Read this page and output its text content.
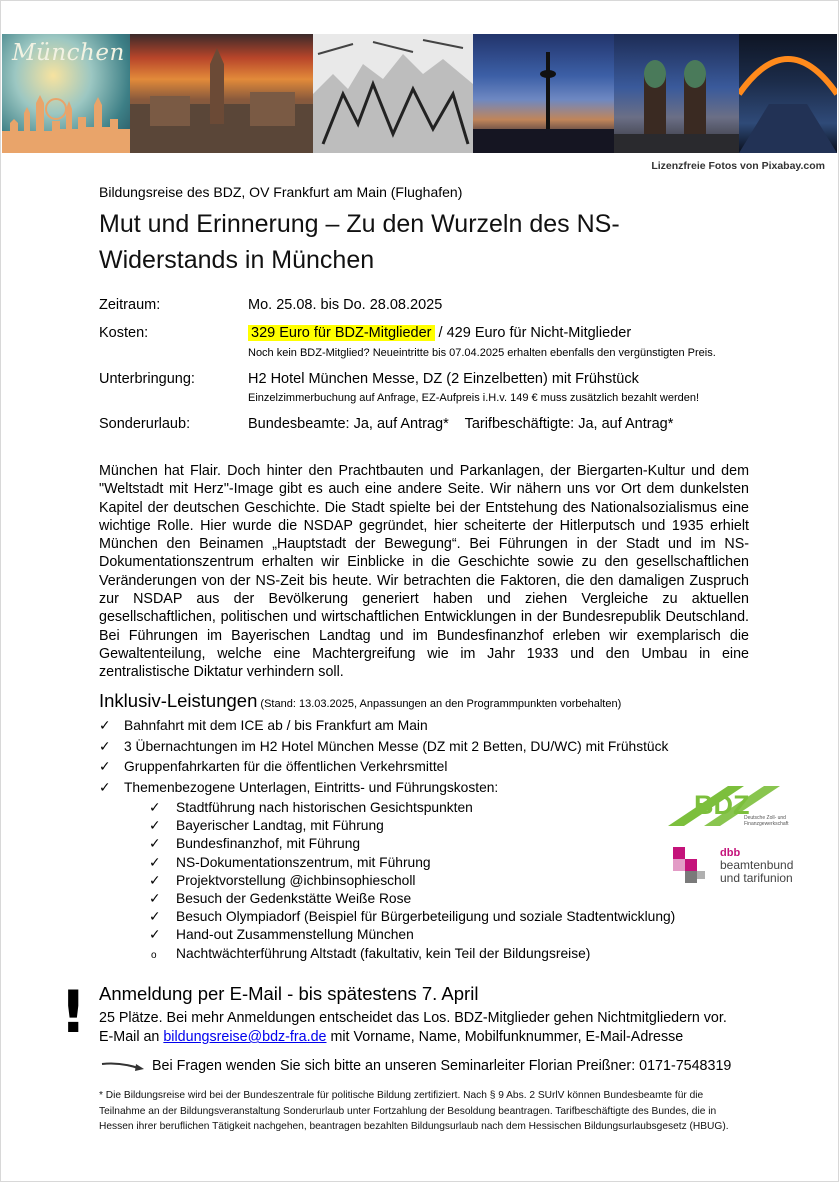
München
Lizenzfreie Fotos von Pixabay.com
Bildungsreise des BDZ, OV Frankfurt am Main (Flughafen)
Mut und Erinnerung – Zu den Wurzeln des NS-Widerstands in München
Zeitraum:	Mo. 25.08. bis Do. 28.08.2025
Kosten:	329 Euro für BDZ-Mitglieder / 429 Euro für Nicht-Mitglieder
Noch kein BDZ-Mitglied? Neueintritte bis 07.04.2025 erhalten ebenfalls den vergünstigten Preis.
Unterbringung:	H2 Hotel München Messe, DZ (2 Einzelbetten) mit Frühstück
Einzelzimmerbuchung auf Anfrage, EZ-Aufpreis i.H.v. 149 € muss zusätzlich bezahlt werden!
Sonderurlaub:	Bundesbeamte: Ja, auf Antrag*    Tarifbeschäftigte: Ja, auf Antrag*
München hat Flair. Doch hinter den Prachtbauten und Parkanlagen, der Biergarten-Kultur und dem "Weltstadt mit Herz"-Image gibt es auch eine andere Seite. Wir nähern uns vor Ort dem dunkelsten Kapitel der deutschen Geschichte. Die Stadt spielte bei der Entstehung des Nationalsozialismus eine wichtige Rolle. Hier wurde die NSDAP gegründet, hier scheiterte der Hitlerputsch und 1935 erhielt München den Beinamen „Hauptstadt der Bewegung“. Bei Führungen in der Stadt und im NS-Dokumentationszentrum erhalten wir Einblicke in die Geschichte sowie zu den gesellschaftlichen Veränderungen von der NS-Zeit bis heute. Wir betrachten die Faktoren, die den damaligen Zuspruch zur NSDAP aus der Bevölkerung generiert haben und ziehen Vergleiche zu aktuellen gesellschaftlichen, politischen und wirtschaftlichen Entwicklungen in der Bundesrepublik Deutschland. Bei Führungen im Bayerischen Landtag und im Bundesfinanzhof erleben wir exemplarisch die Gewaltenteilung, welche eine Machtergreifung wie im Jahr 1933 und den Umbau in eine zentralistische Diktatur verhindern soll.
Inklusiv-Leistungen (Stand: 13.03.2025, Anpassungen an den Programmpunkten vorbehalten)
✓ Bahnfahrt mit dem ICE ab / bis Frankfurt am Main
✓ 3 Übernachtungen im H2 Hotel München Messe (DZ mit 2 Betten, DU/WC) mit Frühstück
✓ Gruppenfahrkarten für die öffentlichen Verkehrsmittel
✓ Themenbezogene Unterlagen, Eintritts- und Führungskosten:
✓ Stadtführung nach historischen Gesichtspunkten
✓ Bayerischer Landtag, mit Führung
✓ Bundesfinanzhof, mit Führung
✓ NS-Dokumentationszentrum, mit Führung
✓ Projektvorstellung @ichbinsophiescholl
✓ Besuch der Gedenkstätte Weiße Rose
✓ Besuch Olympiadorf (Beispiel für Bürgerbeteiligung und soziale Stadtentwicklung)
✓ Hand-out Zusammenstellung München
o Nachtwächterführung Altstadt (fakultativ, kein Teil der Bildungsreise)
BDZ
Deutsche Zoll- und
Finanzgewerkschaft
dbb
beamtenbund
und tarifunion
! Anmeldung per E-Mail - bis spätestens 7. April
25 Plätze. Bei mehr Anmeldungen entscheidet das Los. BDZ-Mitglieder gehen Nichtmitgliedern vor.
E-Mail an bildungsreise@bdz-fra.de mit Vorname, Name, Mobilfunknummer, E-Mail-Adresse
Bei Fragen wenden Sie sich bitte an unseren Seminarleiter Florian Preißner: 0171-7548319
* Die Bildungsreise wird bei der Bundeszentrale für politische Bildung zertifiziert. Nach § 9 Abs. 2 SUrlV können Bundesbeamte für die Teilnahme an der Bildungsveranstaltung Sonderurlaub unter Fortzahlung der Besoldung beantragen. Tarifbeschäftigte des Bundes, die in Hessen ihrer beruflichen Tätigkeit nachgehen, beantragen bezahlten Bildungsurlaub nach dem Hessischen Bildungsurlaubsgesetz (HBUG).
